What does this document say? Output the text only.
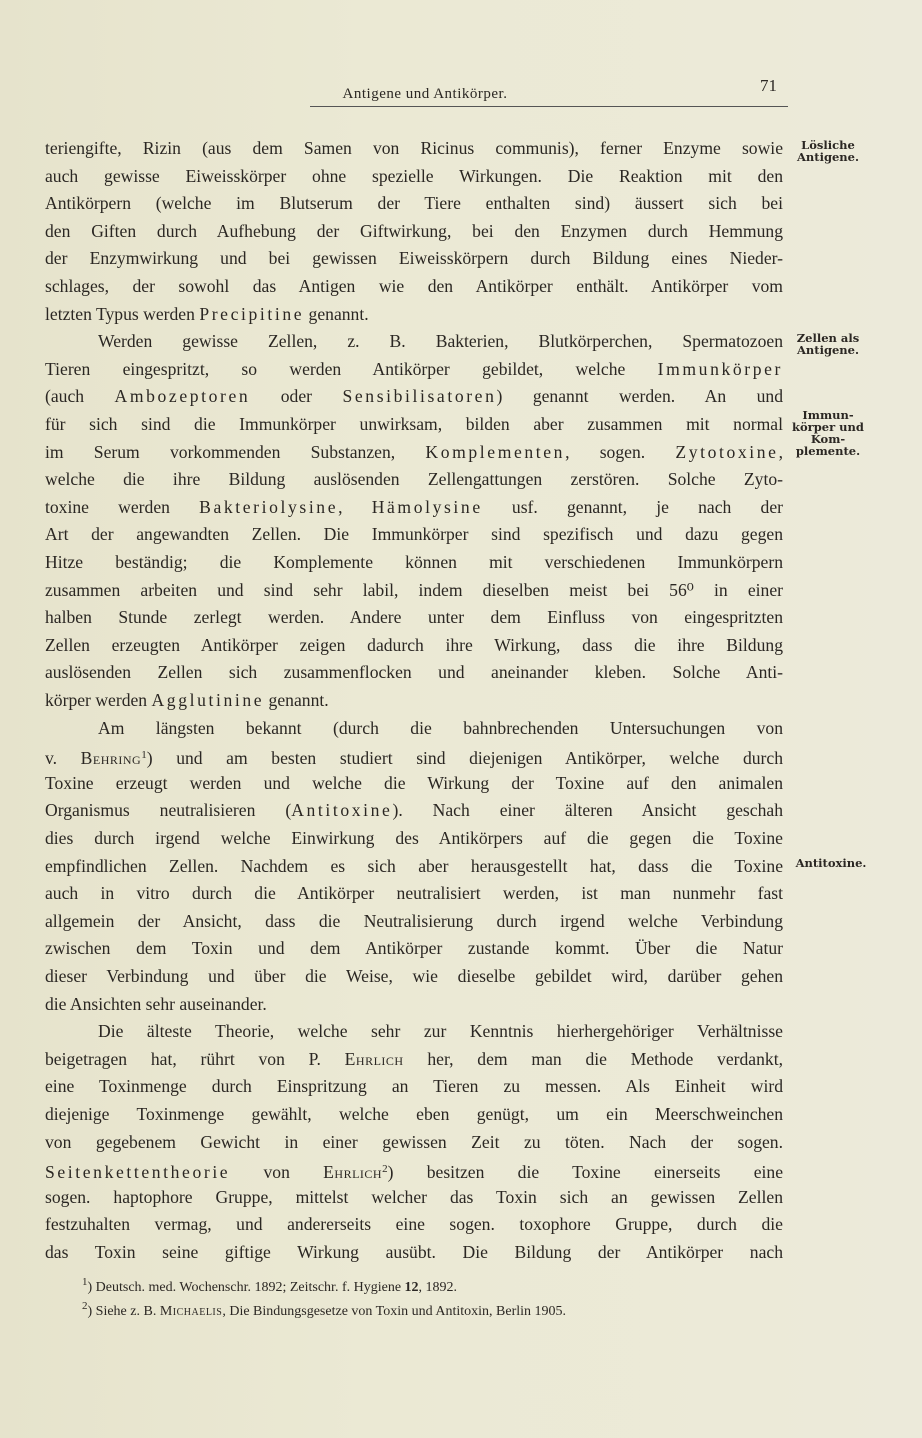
Antigene und Antikörper.	71
teriengifte, Rizin (aus dem Samen von Ricinus communis), ferner Enzyme sowie
auch gewisse Eiweisskörper ohne spezielle Wirkungen. Die Reaktion mit den
Antikörpern (welche im Blutserum der Tiere enthalten sind) äussert sich bei
den Giften durch Aufhebung der Giftwirkung, bei den Enzymen durch Hemmung
der Enzymwirkung und bei gewissen Eiweisskörpern durch Bildung eines Nieder-
schlages, der sowohl das Antigen wie den Antikörper enthält. Antikörper vom
letzten Typus werden Precipitine genannt.
Werden gewisse Zellen, z. B. Bakterien, Blutkörperchen, Spermatozoen
Tieren eingespritzt, so werden Antikörper gebildet, welche Immunkörper
(auch Ambozeptoren oder Sensibilisatoren) genannt werden. An und
für sich sind die Immunkörper unwirksam, bilden aber zusammen mit normal
im Serum vorkommenden Substanzen, Komplementen, sogen. Zytotoxine,
welche die ihre Bildung auslösenden Zellengattungen zerstören. Solche Zyto-
toxine werden Bakteriolysine, Hämolysine usf. genannt, je nach der
Art der angewandten Zellen. Die Immunkörper sind spezifisch und dazu gegen
Hitze beständig; die Komplemente können mit verschiedenen Immunkörpern
zusammen arbeiten und sind sehr labil, indem dieselben meist bei 56⁰ in einer
halben Stunde zerlegt werden. Andere unter dem Einfluss von eingespritzten
Zellen erzeugten Antikörper zeigen dadurch ihre Wirkung, dass die ihre Bildung
auslösenden Zellen sich zusammenflocken und aneinander kleben. Solche Anti-
körper werden Agglutinine genannt.
Am längsten bekannt (durch die bahnbrechenden Untersuchungen von
v. Behring$^1$) und am besten studiert sind diejenigen Antikörper, welche durch
Toxine erzeugt werden und welche die Wirkung der Toxine auf den animalen
Organismus neutralisieren (Antitoxine). Nach einer älteren Ansicht geschah
dies durch irgend welche Einwirkung des Antikörpers auf die gegen die Toxine
empfindlichen Zellen. Nachdem es sich aber herausgestellt hat, dass die Toxine
auch in vitro durch die Antikörper neutralisiert werden, ist man nunmehr fast
allgemein der Ansicht, dass die Neutralisierung durch irgend welche Verbindung
zwischen dem Toxin und dem Antikörper zustande kommt. Über die Natur
dieser Verbindung und über die Weise, wie dieselbe gebildet wird, darüber gehen
die Ansichten sehr auseinander.
Die älteste Theorie, welche sehr zur Kenntnis hierhergehöriger Verhältnisse
beigetragen hat, rührt von P. Ehrlich her, dem man die Methode verdankt,
eine Toxinmenge durch Einspritzung an Tieren zu messen. Als Einheit wird
diejenige Toxinmenge gewählt, welche eben genügt, um ein Meerschweinchen
von gegebenem Gewicht in einer gewissen Zeit zu töten. Nach der sogen.
Seitenkettentheorie von Ehrlich$^2$) besitzen die Toxine einerseits eine
sogen. haptophore Gruppe, mittelst welcher das Toxin sich an gewissen Zellen
festzuhalten vermag, und andererseits eine sogen. toxophore Gruppe, durch die
das Toxin seine giftige Wirkung ausübt. Die Bildung der Antikörper nach
Lösliche
Antigene.
Zellen als
Antigene.
Immun-
körper und
Kom-
plemente.
Antitoxine.
$^1$) Deutsch. med. Wochenschr. 1892; Zeitschr. f. Hygiene 12, 1892.
$^2$) Siehe z. B. Michaelis, Die Bindungsgesetze von Toxin und Antitoxin, Berlin 1905.
